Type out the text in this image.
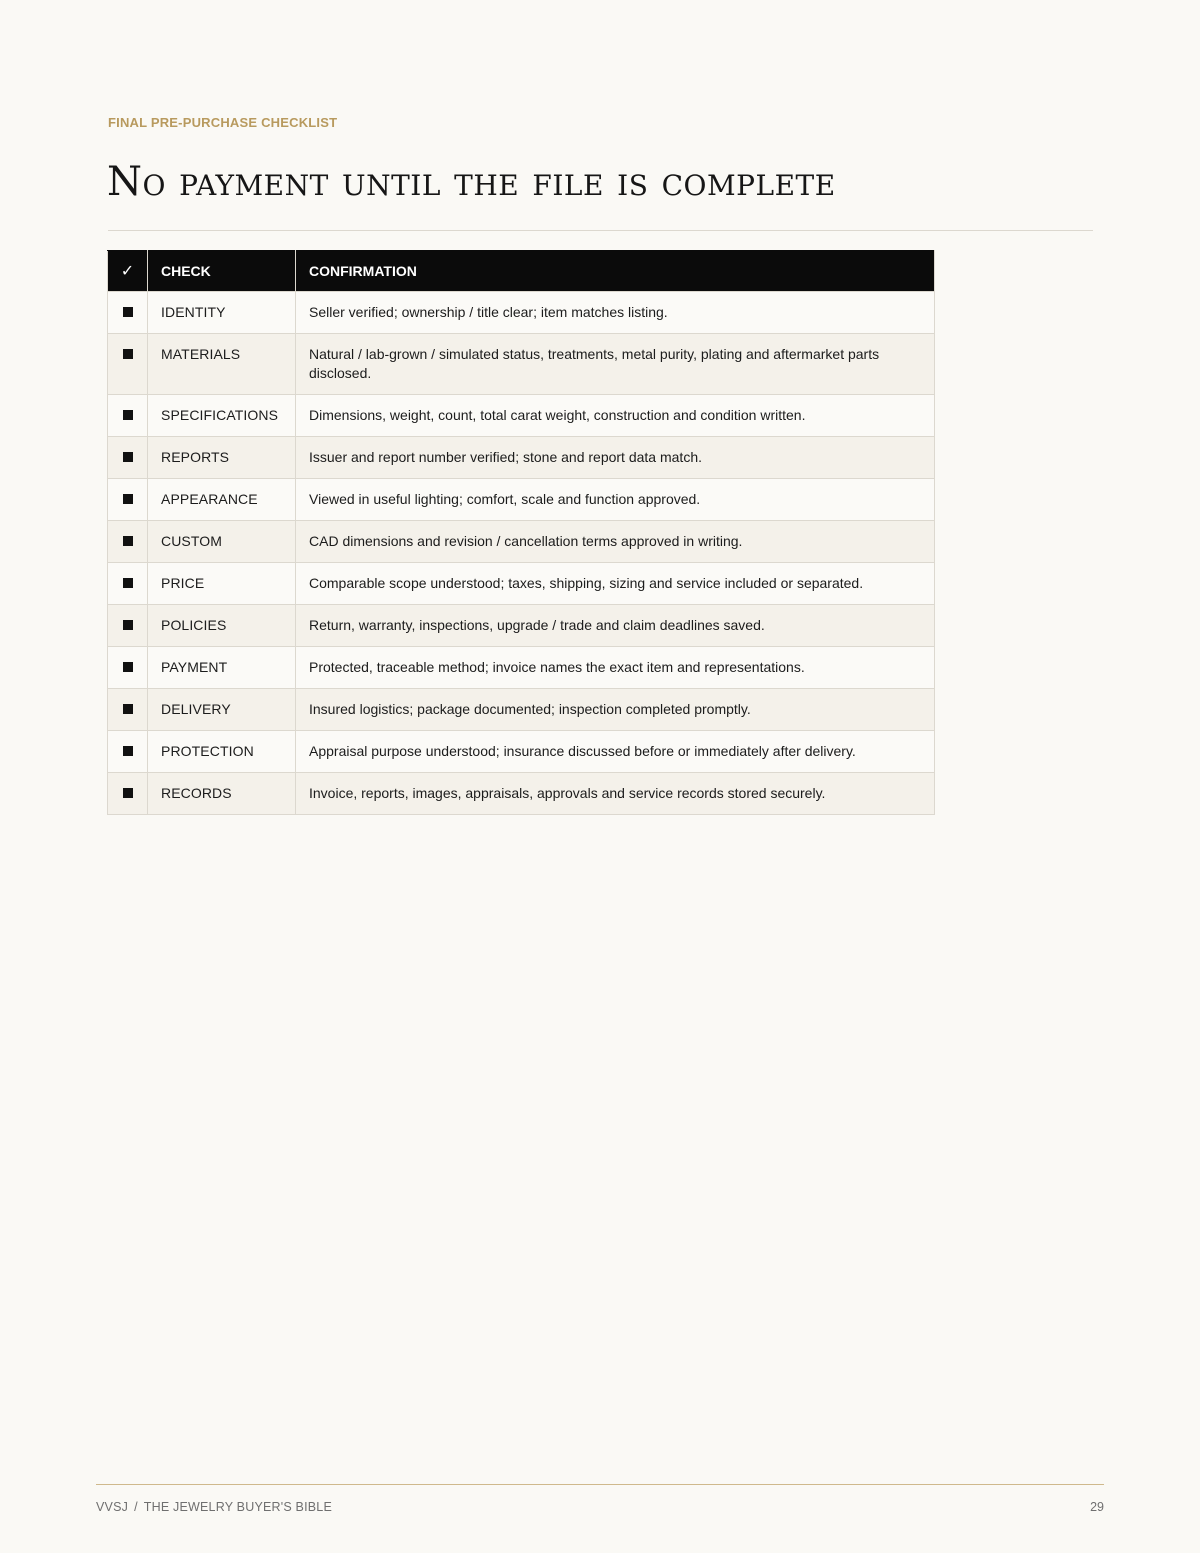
FINAL PRE-PURCHASE CHECKLIST

No payment until the file is complete
✓	CHECK	CONFIRMATION
	IDENTITY	Seller verified; ownership / title clear; item matches listing.
	MATERIALS	Natural / lab-grown / simulated status, treatments, metal purity, plating and aftermarket parts disclosed.
	SPECIFICATIONS	Dimensions, weight, count, total carat weight, construction and condition written.
	REPORTS	Issuer and report number verified; stone and report data match.
	APPEARANCE	Viewed in useful lighting; comfort, scale and function approved.
	CUSTOM	CAD dimensions and revision / cancellation terms approved in writing.
	PRICE	Comparable scope understood; taxes, shipping, sizing and service included or separated.
	POLICIES	Return, warranty, inspections, upgrade / trade and claim deadlines saved.
	PAYMENT	Protected, traceable method; invoice names the exact item and representations.
	DELIVERY	Insured logistics; package documented; inspection completed promptly.
	PROTECTION	Appraisal purpose understood; insurance discussed before or immediately after delivery.
	RECORDS	Invoice, reports, images, appraisals, approvals and service records stored securely.
VVSJ / THE JEWELRY BUYER'S BIBLE	29
